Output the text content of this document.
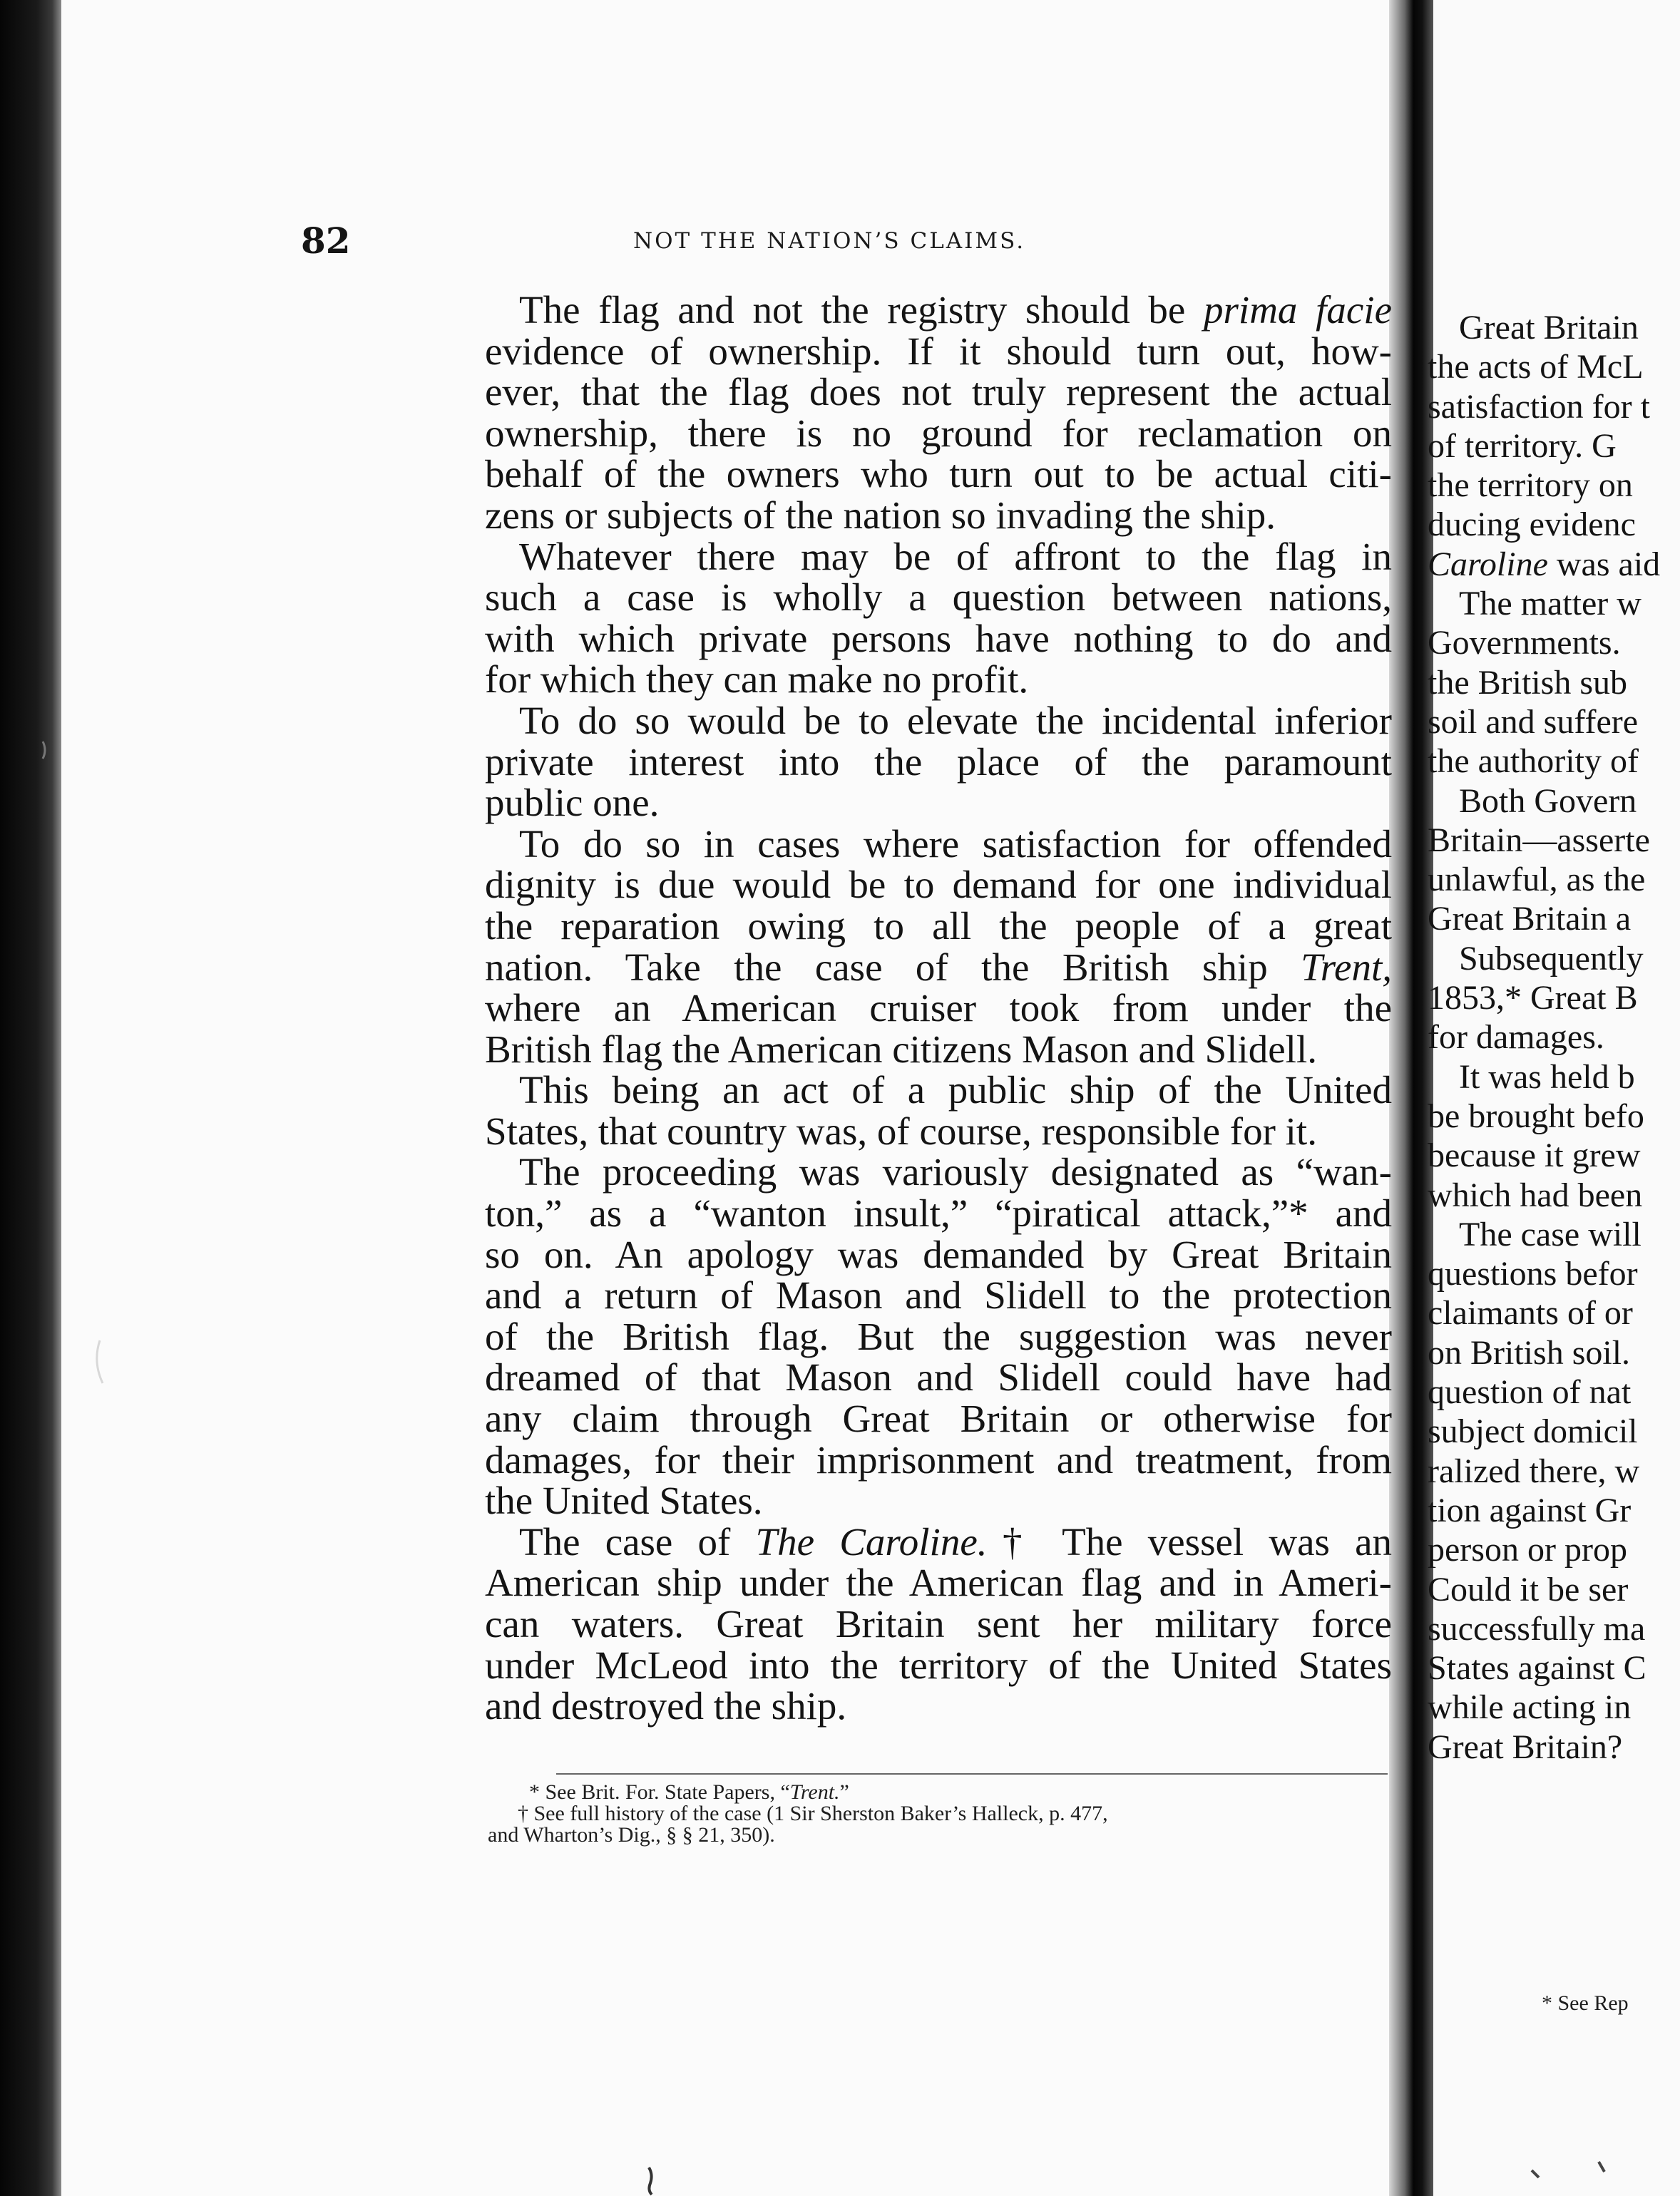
82	NOT THE NATION’S CLAIMS.
The flag and not the registry should be prima facie
evidence of ownership. If it should turn out, how-
ever, that the flag does not truly represent the actual
ownership, there is no ground for reclamation on
behalf of the owners who turn out to be actual citi-
zens or subjects of the nation so invading the ship.
Whatever there may be of affront to the flag in
such a case is wholly a question between nations,
with which private persons have nothing to do and
for which they can make no profit.
To do so would be to elevate the incidental inferior
private interest into the place of the paramount
public one.
To do so in cases where satisfaction for offended
dignity is due would be to demand for one individual
the reparation owing to all the people of a great
nation. Take the case of the British ship Trent,
where an American cruiser took from under the
British flag the American citizens Mason and Slidell.
This being an act of a public ship of the United
States, that country was, of course, responsible for it.
The proceeding was variously designated as “wan-
ton,” as a “wanton insult,” “piratical attack,”* and
so on. An apology was demanded by Great Britain
and a return of Mason and Slidell to the protection
of the British flag. But the suggestion was never
dreamed of that Mason and Slidell could have had
any claim through Great Britain or otherwise for
damages, for their imprisonment and treatment, from
the United States.
The case of The Caroline.† The vessel was an
American ship under the American flag and in Ameri-
can waters. Great Britain sent her military force
under McLeod into the territory of the United States
and destroyed the ship.
* See Brit. For. State Papers, “Trent.”
† See full history of the case (1 Sir Sherston Baker’s Halleck, p. 477,
and Wharton’s Dig., § § 21, 350).
Great Britain
the acts of McL
satisfaction for t
of territory. G
the territory on
ducing evidenc
Caroline was aid
The matter w
Governments.
the British sub
soil and suffere
the authority of
Both Govern
Britain—asserte
unlawful, as the
Great Britain a
Subsequently
1853,* Great B
for damages.
It was held b
be brought befo
because it grew
which had been
The case will
questions befor
claimants of or
on British soil.
question of nat
subject domicil
ralized there, w
tion against Gr
person or prop
Could it be ser
successfully ma
States against C
while acting in
Great Britain?
* See Rep
